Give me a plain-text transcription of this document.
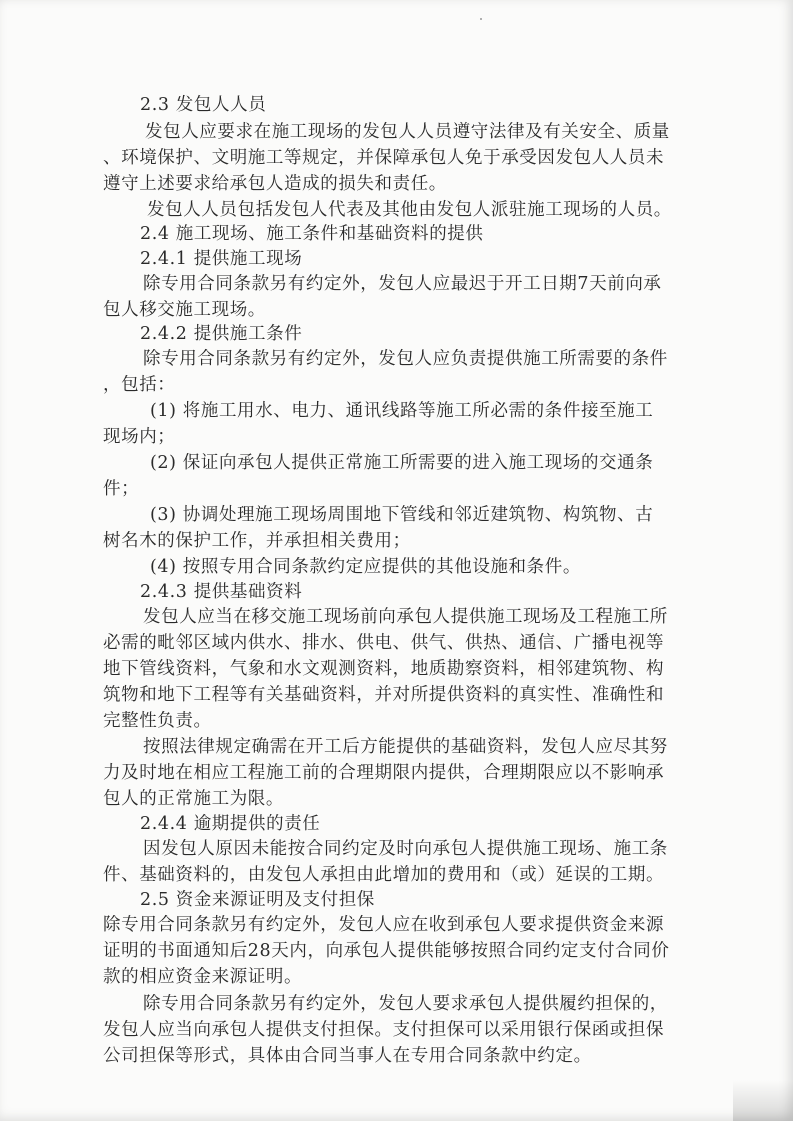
2.3 发包人人员
发包人应要求在施工现场的发包人人员遵守法律及有关安全、质量
、环境保护、文明施工等规定，并保障承包人免于承受因发包人人员未
遵守上述要求给承包人造成的损失和责任。
发包人人员包括发包人代表及其他由发包人派驻施工现场的人员。
2.4 施工现场、施工条件和基础资料的提供
2.4.1 提供施工现场
除专用合同条款另有约定外，发包人应最迟于开工日期7天前向承
包人移交施工现场。
2.4.2 提供施工条件
除专用合同条款另有约定外，发包人应负责提供施工所需要的条件
，包括：
(1) 将施工用水、电力、通讯线路等施工所必需的条件接至施工
现场内；
(2) 保证向承包人提供正常施工所需要的进入施工现场的交通条
件；
(3) 协调处理施工现场周围地下管线和邻近建筑物、构筑物、古
树名木的保护工作，并承担相关费用；
(4) 按照专用合同条款约定应提供的其他设施和条件。
2.4.3 提供基础资料
发包人应当在移交施工现场前向承包人提供施工现场及工程施工所
必需的毗邻区域内供水、排水、供电、供气、供热、通信、广播电视等
地下管线资料，气象和水文观测资料，地质勘察资料，相邻建筑物、构
筑物和地下工程等有关基础资料，并对所提供资料的真实性、准确性和
完整性负责。
按照法律规定确需在开工后方能提供的基础资料，发包人应尽其努
力及时地在相应工程施工前的合理期限内提供，合理期限应以不影响承
包人的正常施工为限。
2.4.4 逾期提供的责任
因发包人原因未能按合同约定及时向承包人提供施工现场、施工条
件、基础资料的，由发包人承担由此增加的费用和（或）延误的工期。
2.5 资金来源证明及支付担保
除专用合同条款另有约定外，发包人应在收到承包人要求提供资金来源
证明的书面通知后28天内，向承包人提供能够按照合同约定支付合同价
款的相应资金来源证明。
除专用合同条款另有约定外，发包人要求承包人提供履约担保的，
发包人应当向承包人提供支付担保。支付担保可以采用银行保函或担保
公司担保等形式，具体由合同当事人在专用合同条款中约定。
